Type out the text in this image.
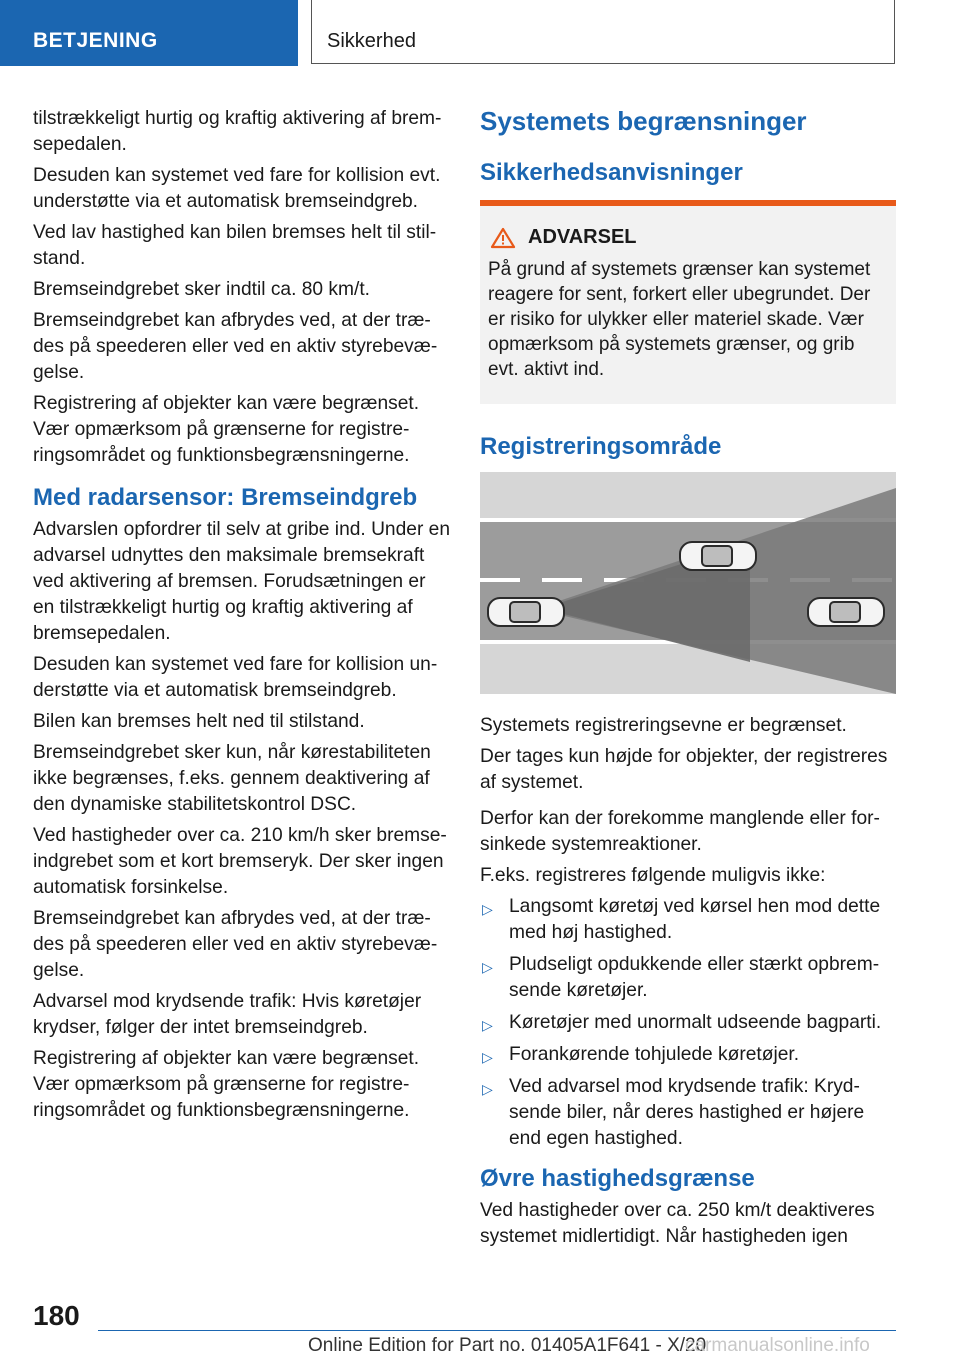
BETJENING	Sikkerhed

tilstrækkeligt hurtig og kraftig aktivering af bremsepedalen.

Desuden kan systemet ved fare for kollision evt. understøtte via et automatisk bremseindgreb.

Ved lav hastighed kan bilen bremses helt til stilstand.

Bremseindgrebet sker indtil ca. 80 km/t.

Bremseindgrebet kan afbrydes ved, at der trædes på speederen eller ved en aktiv styrebevægelse.

Registrering af objekter kan være begrænset. Vær opmærksom på grænserne for registreringsområdet og funktionsbegrænsningerne.

Med radarsensor: Bremseindgreb

Advarslen opfordrer til selv at gribe ind. Under en advarsel udnyttes den maksimale bremsekraft ved aktivering af bremsen. Forudsætningen er en tilstrækkeligt hurtig og kraftig aktivering af bremsepedalen.

Desuden kan systemet ved fare for kollision understøtte via et automatisk bremseindgreb.

Bilen kan bremses helt ned til stilstand.

Bremseindgrebet sker kun, når kørestabiliteten ikke begrænses, f.eks. gennem deaktivering af den dynamiske stabilitetskontrol DSC.

Ved hastigheder over ca. 210 km/h sker bremseindgrebet som et kort bremseryk. Der sker ingen automatisk forsinkelse.

Bremseindgrebet kan afbrydes ved, at der trædes på speederen eller ved en aktiv styrebevægelse.

Advarsel mod krydsende trafik: Hvis køretøjer krydser, følger der intet bremseindgreb.

Registrering af objekter kan være begrænset. Vær opmærksom på grænserne for registreringsområdet og funktionsbegrænsningerne.

Systemets begrænsninger
Sikkerhedsanvisninger
ADVARSEL

På grund af systemets grænser kan systemet reagere for sent, forkert eller ubegrundet. Der er risiko for ulykker eller materiel skade. Vær opmærksom på systemets grænser, og grib evt. aktivt ind.

Registreringsområde

Systemets registreringsevne er begrænset.

Der tages kun højde for objekter, der registreres af systemet.

Derfor kan der forekomme manglende eller forsinkede systemreaktioner.

F.eks. registreres følgende muligvis ikke:

▷ Langsomt køretøj ved kørsel hen mod dette med høj hastighed.
▷ Pludseligt opdukkende eller stærkt opbremsende køretøjer.
▷ Køretøjer med unormalt udseende bagparti.
▷ Forankørende tohjulede køretøjer.
▷ Ved advarsel mod krydsende trafik: Krydsende biler, når deres hastighed er højere end egen hastighed.
Øvre hastighedsgrænse

Ved hastigheder over ca. 250 km/t deaktiveres systemet midlertidigt. Når hastigheden igen

180
Online Edition for Part no. 01405A1F641 - X/20
carmanualsonline.info
